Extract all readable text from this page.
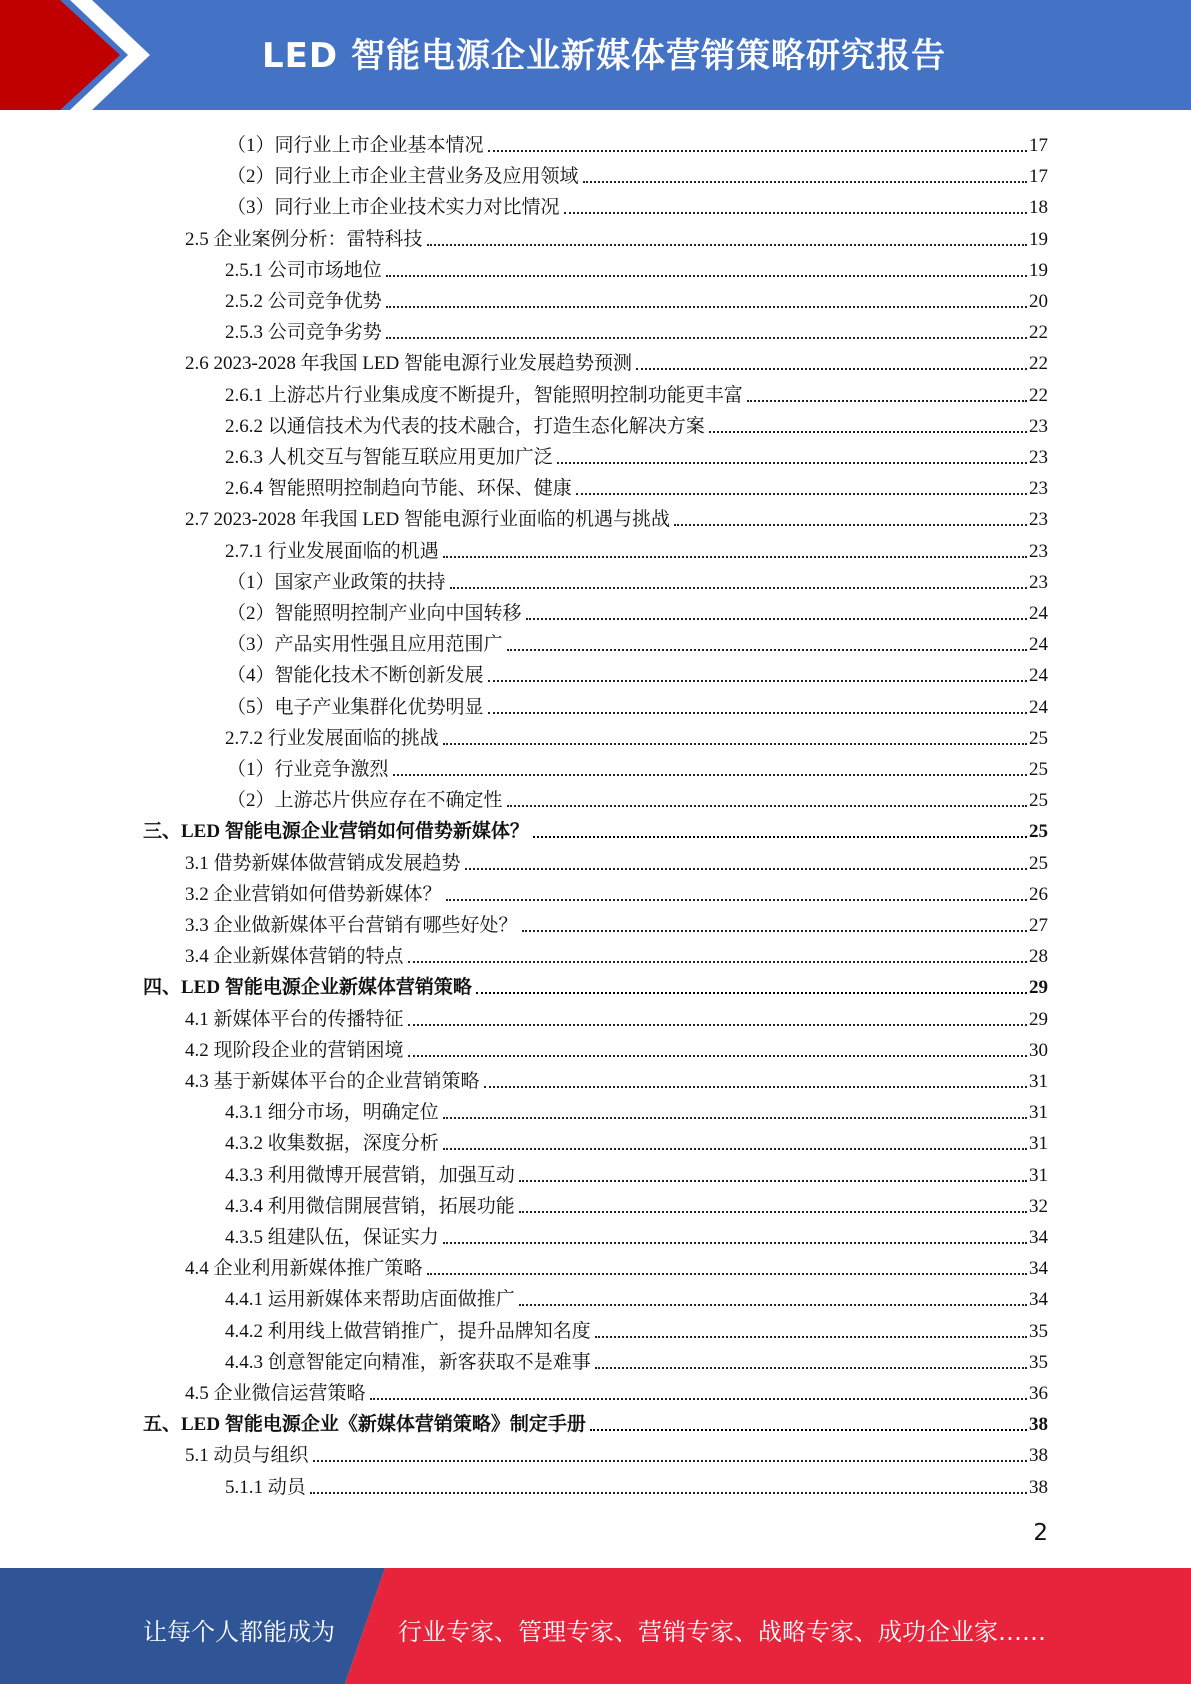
LED 智能电源企业新媒体营销策略研究报告
（1）同行业上市企业基本情况	17
（2）同行业上市企业主营业务及应用领域	17
（3）同行业上市企业技术实力对比情况	18
2.5 企业案例分析：雷特科技	19
2.5.1 公司市场地位	19
2.5.2 公司竞争优势	20
2.5.3 公司竞争劣势	22
2.6 2023-2028 年我国 LED 智能电源行业发展趋势预测	22
2.6.1 上游芯片行业集成度不断提升，智能照明控制功能更丰富	22
2.6.2 以通信技术为代表的技术融合，打造生态化解决方案	23
2.6.3 人机交互与智能互联应用更加广泛	23
2.6.4 智能照明控制趋向节能、环保、健康	23
2.7 2023-2028 年我国 LED 智能电源行业面临的机遇与挑战	23
2.7.1 行业发展面临的机遇	23
（1）国家产业政策的扶持	23
（2）智能照明控制产业向中国转移	24
（3）产品实用性强且应用范围广	24
（4）智能化技术不断创新发展	24
（5）电子产业集群化优势明显	24
2.7.2 行业发展面临的挑战	25
（1）行业竞争激烈	25
（2）上游芯片供应存在不确定性	25
三、LED 智能电源企业营销如何借势新媒体？	25
3.1 借势新媒体做营销成发展趋势	25
3.2 企业营销如何借势新媒体？	26
3.3 企业做新媒体平台营销有哪些好处？	27
3.4 企业新媒体营销的特点	28
四、LED 智能电源企业新媒体营销策略	29
4.1 新媒体平台的传播特征	29
4.2 现阶段企业的营销困境	30
4.3 基于新媒体平台的企业营销策略	31
4.3.1 细分市场，明确定位	31
4.3.2 收集数据，深度分析	31
4.3.3 利用微博开展营销，加强互动	31
4.3.4 利用微信開展营销，拓展功能	32
4.3.5 组建队伍，保证实力	34
4.4 企业利用新媒体推广策略	34
4.4.1 运用新媒体来帮助店面做推广	34
4.4.2 利用线上做营销推广，提升品牌知名度	35
4.4.3 创意智能定向精准，新客获取不是难事	35
4.5 企业微信运营策略	36
五、LED 智能电源企业《新媒体营销策略》制定手册	38
5.1 动员与组织	38
5.1.1 动员	38
2
让每个人都能成为	行业专家、管理专家、营销专家、战略专家、成功企业家……
